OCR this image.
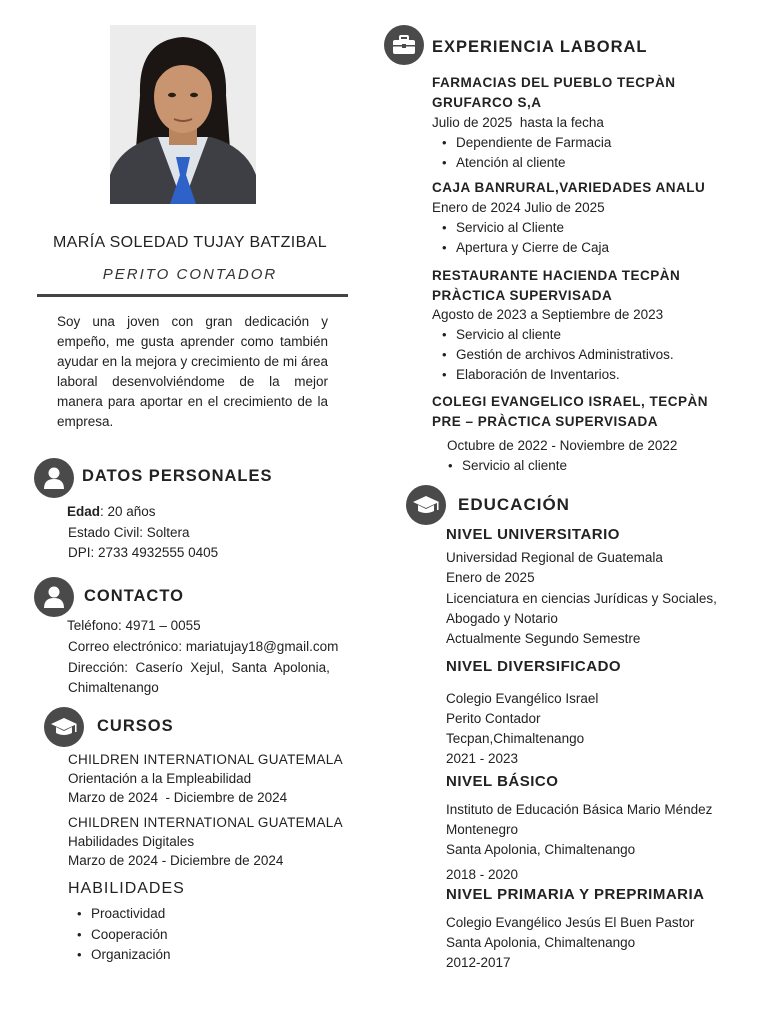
MARÍA SOLEDAD TUJAY BATZIBAL
PERITO CONTADOR
Soy una joven con gran dedicación y empeño, me gusta aprender como también ayudar en la mejora y crecimiento de mi área laboral desenvolviéndome de la mejor manera para aportar en el crecimiento de la empresa.
DATOS PERSONALES
Edad: 20 años
Estado Civil: Soltera
DPI: 2733 4932555 0405
CONTACTO
Teléfono: 4971 – 0055
Correo electrónico: mariatujay18@gmail.com
Dirección:  Caserío  Xejul,  Santa  Apolonia,
Chimaltenango
CURSOS
CHILDREN INTERNATIONAL GUATEMALA
Orientación a la Empleabilidad
Marzo de 2024  - Diciembre de 2024
CHILDREN INTERNATIONAL GUATEMALA
Habilidades Digitales
Marzo de 2024 - Diciembre de 2024
HABILIDADES
• Proactividad
• Cooperación
• Organización
EXPERIENCIA LABORAL
FARMACIAS DEL PUEBLO TECPÀN
GRUFARCO S,A
Julio de 2025  hasta la fecha
• Dependiente de Farmacia
• Atención al cliente
CAJA BANRURAL,VARIEDADES ANALU
Enero de 2024 Julio de 2025
• Servicio al Cliente
• Apertura y Cierre de Caja
RESTAURANTE HACIENDA TECPÀN
PRÀCTICA SUPERVISADA
Agosto de 2023 a Septiembre de 2023
• Servicio al cliente
• Gestión de archivos Administrativos.
• Elaboración de Inventarios.
COLEGI EVANGELICO ISRAEL, TECPÀN
PRE – PRÀCTICA SUPERVISADA
Octubre de 2022 - Noviembre de 2022
• Servicio al cliente
EDUCACIÓN
NIVEL UNIVERSITARIO
Universidad Regional de Guatemala
Enero de 2025
Licenciatura en ciencias Jurídicas y Sociales,
Abogado y Notario
Actualmente Segundo Semestre
NIVEL DIVERSIFICADO
Colegio Evangélico Israel
Perito Contador
Tecpan,Chimaltenango
2021 - 2023
NIVEL BÁSICO
Instituto de Educación Básica Mario Méndez
Montenegro
Santa Apolonia, Chimaltenango
2018 - 2020
NIVEL PRIMARIA Y PREPRIMARIA
Colegio Evangélico Jesús El Buen Pastor
Santa Apolonia, Chimaltenango
2012-2017
